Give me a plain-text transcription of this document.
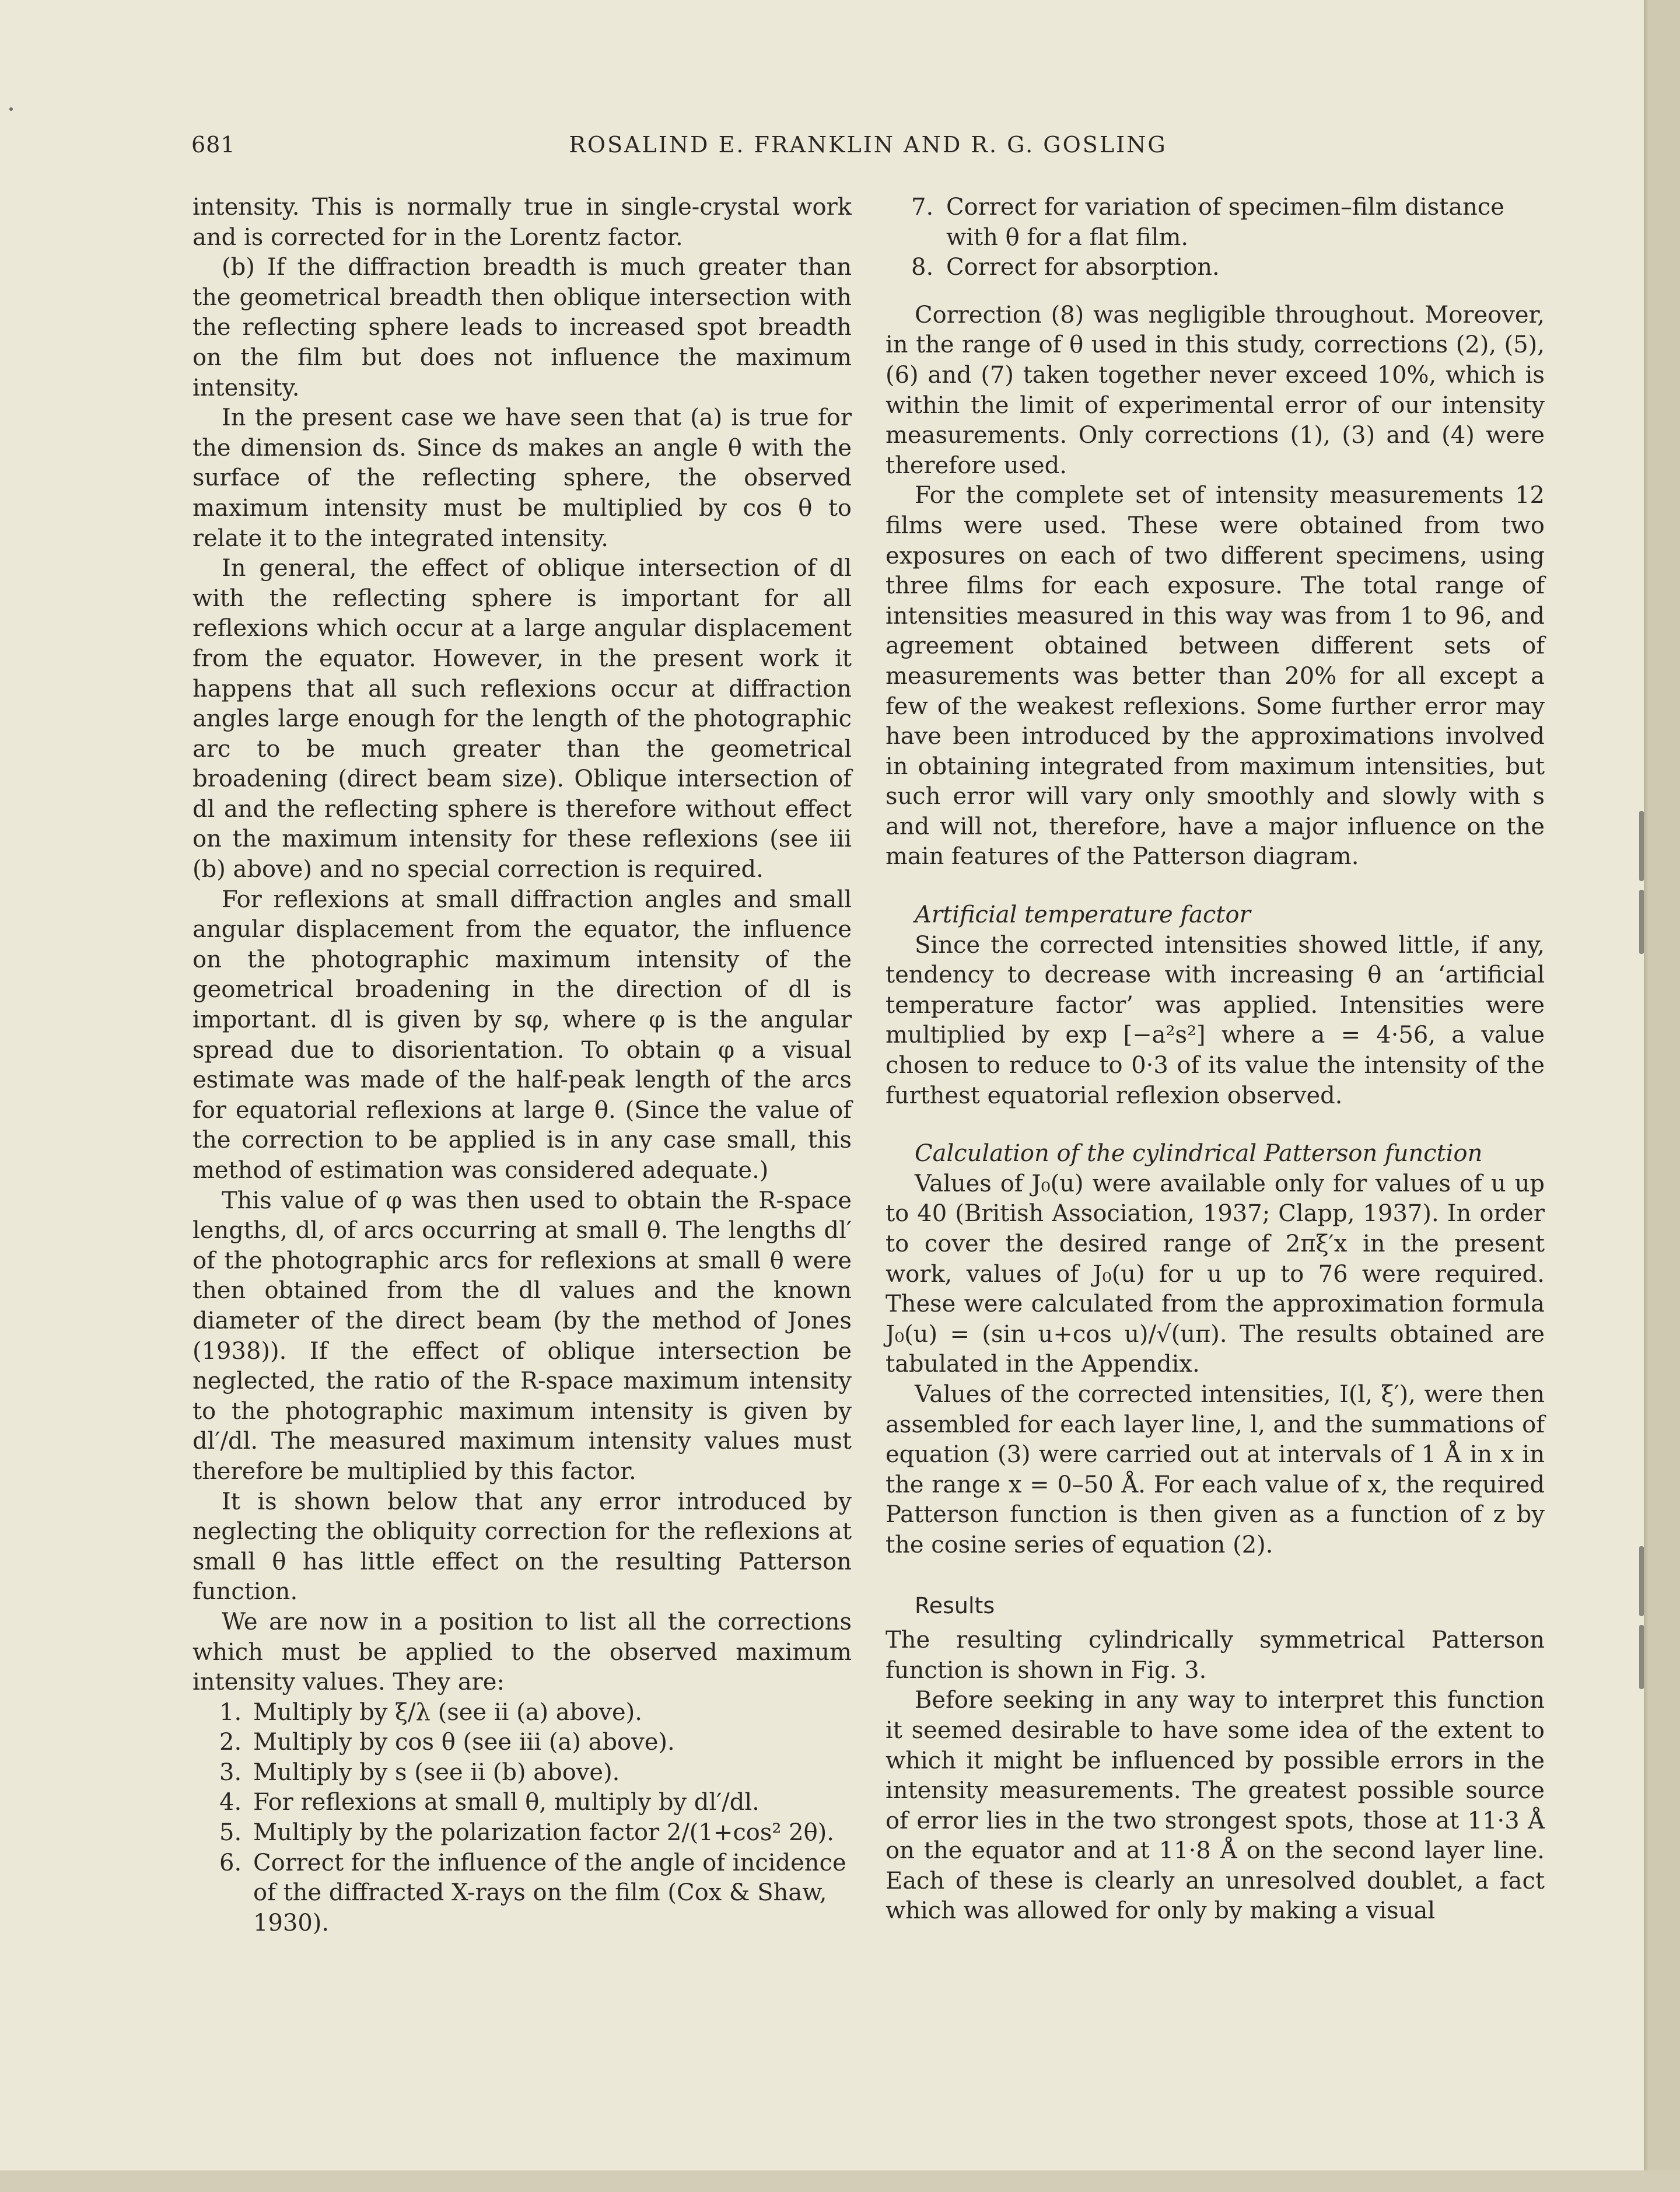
681	ROSALIND E. FRANKLIN AND R. G. GOSLING

intensity. This is normally true in single-crystal work and is corrected for in the Lorentz factor.

(b) If the diffraction breadth is much greater than the geometrical breadth then oblique intersection with the reflecting sphere leads to increased spot breadth on the film but does not influence the maximum intensity.

In the present case we have seen that (a) is true for the dimension ds. Since ds makes an angle θ with the surface of the reflecting sphere, the observed maximum intensity must be multiplied by cos θ to relate it to the integrated intensity.

In general, the effect of oblique intersection of dl with the reflecting sphere is important for all reflexions which occur at a large angular displacement from the equator. However, in the present work it happens that all such reflexions occur at diffraction angles large enough for the length of the photographic arc to be much greater than the geometrical broadening (direct beam size). Oblique intersection of dl and the reflecting sphere is therefore without effect on the maximum intensity for these reflexions (see iii (b) above) and no special correction is required.

For reflexions at small diffraction angles and small angular displacement from the equator, the influence on the photographic maximum intensity of the geometrical broadening in the direction of dl is important. dl is given by sφ, where φ is the angular spread due to disorientation. To obtain φ a visual estimate was made of the half-peak length of the arcs for equatorial reflexions at large θ. (Since the value of the correction to be applied is in any case small, this method of estimation was considered adequate.)

This value of φ was then used to obtain the R-space lengths, dl, of arcs occurring at small θ. The lengths dl′ of the photographic arcs for reflexions at small θ were then obtained from the dl values and the known diameter of the direct beam (by the method of Jones (1938)). If the effect of oblique intersection be neglected, the ratio of the R-space maximum intensity to the photographic maximum intensity is given by dl′/dl. The measured maximum intensity values must therefore be multiplied by this factor.

It is shown below that any error introduced by neglecting the obliquity correction for the reflexions at small θ has little effect on the resulting Patterson function.

We are now in a position to list all the corrections which must be applied to the observed maximum intensity values. They are:

1. Multiply by ξ/λ (see ii (a) above).
2. Multiply by cos θ (see iii (a) above).
3. Multiply by s (see ii (b) above).
4. For reflexions at small θ, multiply by dl′/dl.
5. Multiply by the polarization factor 2/(1+cos² 2θ).
6. Correct for the influence of the angle of incidence of the diffracted X-rays on the film (Cox & Shaw, 1930).
7. Correct for variation of specimen–film distance with θ for a flat film.
8. Correct for absorption.

Correction (8) was negligible throughout. Moreover, in the range of θ used in this study, corrections (2), (5), (6) and (7) taken together never exceed 10%, which is within the limit of experimental error of our intensity measurements. Only corrections (1), (3) and (4) were therefore used.

For the complete set of intensity measurements 12 films were used. These were obtained from two exposures on each of two different specimens, using three films for each exposure. The total range of intensities measured in this way was from 1 to 96, and agreement obtained between different sets of measurements was better than 20% for all except a few of the weakest reflexions. Some further error may have been introduced by the approximations involved in obtaining integrated from maximum intensities, but such error will vary only smoothly and slowly with s and will not, therefore, have a major influence on the main features of the Patterson diagram.

Artificial temperature factor

Since the corrected intensities showed little, if any, tendency to decrease with increasing θ an ‘artificial temperature factor’ was applied. Intensities were multiplied by exp [−a²s²] where a = 4·56, a value chosen to reduce to 0·3 of its value the intensity of the furthest equatorial reflexion observed.

Calculation of the cylindrical Patterson function

Values of J₀(u) were available only for values of u up to 40 (British Association, 1937; Clapp, 1937). In order to cover the desired range of 2πξ′x in the present work, values of J₀(u) for u up to 76 were required. These were calculated from the approximation formula J₀(u) = (sin u+cos u)/√(uπ). The results obtained are tabulated in the Appendix.

Values of the corrected intensities, I(l, ξ′), were then assembled for each layer line, l, and the summations of equation (3) were carried out at intervals of 1 Å in x in the range x = 0–50 Å. For each value of x, the required Patterson function is then given as a function of z by the cosine series of equation (2).

Results

The resulting cylindrically symmetrical Patterson function is shown in Fig. 3.

Before seeking in any way to interpret this function it seemed desirable to have some idea of the extent to which it might be influenced by possible errors in the intensity measurements. The greatest possible source of error lies in the two strongest spots, those at 11·3 Å on the equator and at 11·8 Å on the second layer line. Each of these is clearly an unresolved doublet, a fact which was allowed for only by making a visual
